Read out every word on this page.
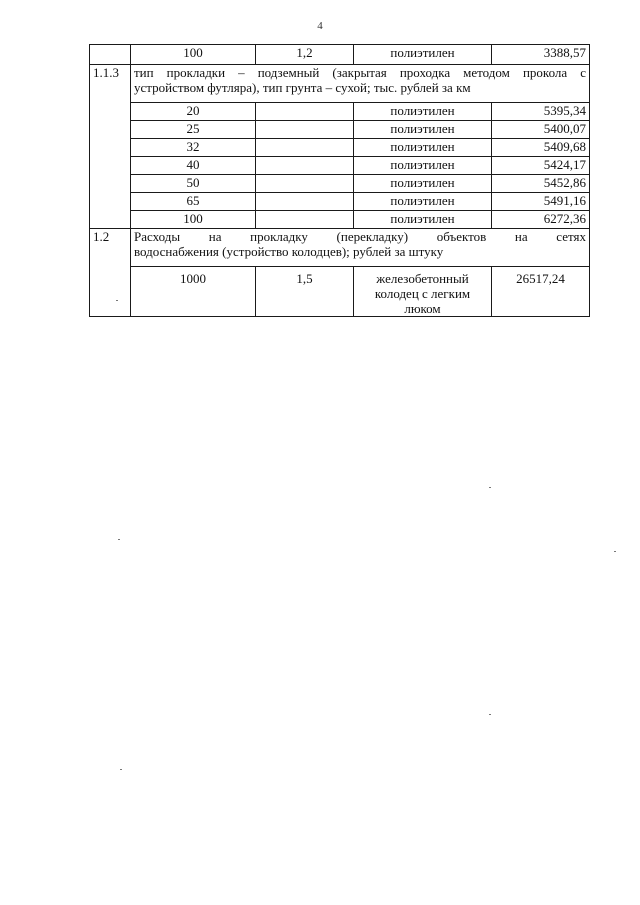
4
	100	1,2	полиэтилен	3388,57
1.1.3	тип прокладки – подземный (закрытая проходка методом прокола с
устройством футляра), тип грунта – сухой; тыс. рублей за км			

	20		полиэтилен	5395,34
	25		полиэтилен	5400,07
	32		полиэтилен	5409,68
	40		полиэтилен	5424,17
	50		полиэтилен	5452,86
	65		полиэтилен	5491,16
	100		полиэтилен	6272,36
1.2	Расходы на прокладку (перекладку) объектов на сетях
водоснабжения (устройство колодцев); рублей за штуку			

	1000	1,5	железобетонный
колодец с легким
люком	26517,24
